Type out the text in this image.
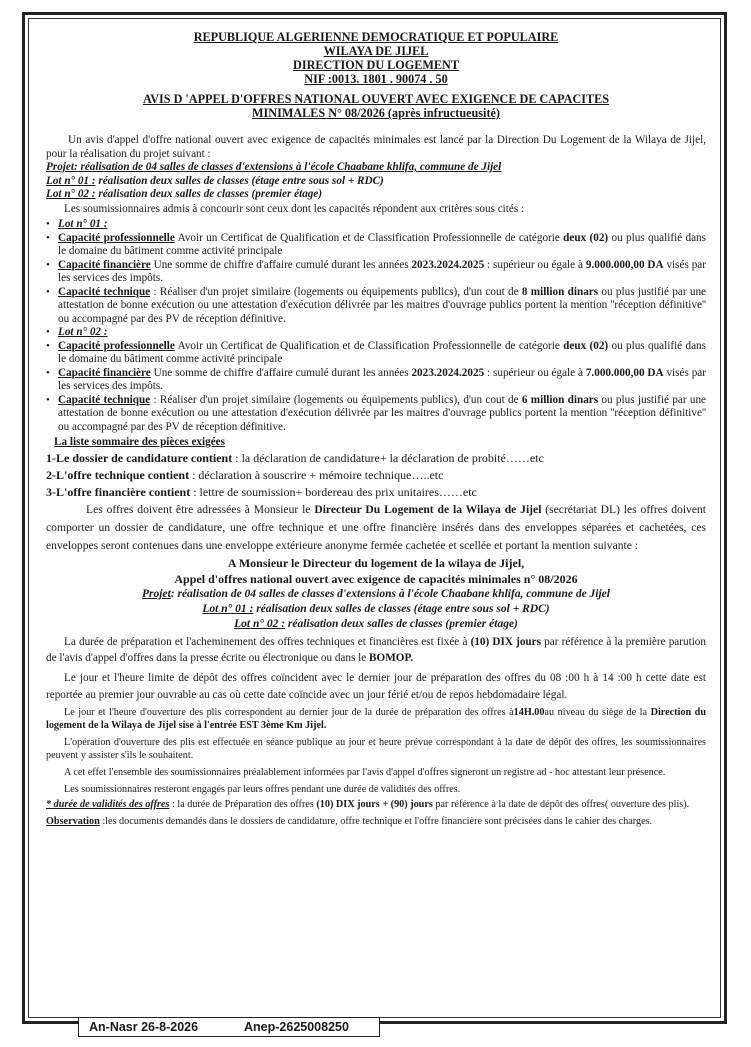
REPUBLIQUE ALGERIENNE DEMOCRATIQUE ET POPULAIRE

WILAYA DE JIJEL

DIRECTION DU LOGEMENT

NIF :0013. 1801 . 90074 . 50

AVIS D 'APPEL D'OFFRES NATIONAL OUVERT AVEC EXIGENCE DE CAPACITES

MINIMALES N° 08/2026 (après infructueusité)

Un avis d'appel d'offre national ouvert avec exigence de capacités minimales est lancé par la Direction Du Logement de la Wilaya de Jijel, pour la réalisation du projet suivant :

Projet: réalisation de 04 salles de classes d'extensions à l'école Chaabane khlifa, commune de Jijel

Lot n° 01 : réalisation deux salles de classes (étage entre sous sol + RDC)

Lot n° 02 : réalisation deux salles de classes (premier étage)

Les soumissionnaires admis à concourir sont ceux dont les capacités répondent aux critères sous cités :

• Lot n° 01 :

• Capacité professionnelle Avoir un Certificat de Qualification et de Classification Professionnelle de catégorie deux (02) ou plus qualifié dans le domaine du bâtiment comme activité principale

• Capacité financière Une somme de chiffre d'affaire cumulé durant les années 2023.2024.2025 : supérieur ou égale à 9.000.000,00 DA visés par les services des impôts.

• Capacité technique : Réaliser d'un projet similaire (logements ou équipements publics), d'un cout de 8 million dinars ou plus justifié par une attestation de bonne exécution ou une attestation d'exécution délivrée par les maitres d'ouvrage publics portent la mention ''réception définitive'' ou accompagné par des PV de réception définitive.

• Lot n° 02 :

• Capacité professionnelle Avoir un Certificat de Qualification et de Classification Professionnelle de catégorie deux (02) ou plus qualifié dans le domaine du bâtiment comme activité principale

• Capacité financière Une somme de chiffre d'affaire cumulé durant les années 2023.2024.2025 : supérieur ou égale à 7.000.000,00 DA visés par les services des impôts.

• Capacité technique : Réaliser d'un projet similaire (logements ou équipements publics), d'un cout de 6 million dinars ou plus justifié par une attestation de bonne exécution ou une attestation d'exécution délivrée par les maitres d'ouvrage publics portent la mention ''réception définitive'' ou accompagné par des PV de réception définitive.

La liste sommaire des pièces exigées

1-Le dossier de candidature contient : la déclaration de candidature+ la déclaration de probité……etc

2-L'offre technique contient : déclaration à souscrire + mémoire technique…..etc

3-L'offre financière contient : lettre de soumission+ bordereau des prix unitaires……etc

Les offres doivent être adressées à Monsieur le Directeur Du Logement de la Wilaya de Jijel (secrétariat DL) les offres doivent comporter un dossier de candidature, une offre technique et une offre financière insérés dans des enveloppes séparées et cachetées, ces enveloppes seront contenues dans une enveloppe extérieure anonyme fermée cachetée et scellée et portant la mention suivante :

A Monsieur le Directeur du logement de la wilaya de Jijel,

Appel d'offres national ouvert avec exigence de capacités minimales n° 08/2026

Projet: réalisation de 04 salles de classes d'extensions à l'école Chaabane khlifa, commune de Jijel

Lot n° 01 : réalisation deux salles de classes (étage entre sous sol + RDC)

Lot n° 02 : réalisation deux salles de classes (premier étage)

La durée de préparation et l'acheminement des offres techniques et financières est fixée à (10) DIX jours par référence à la première parution de l'avis d'appel d'offres dans la presse écrite ou électronique ou dans le BOMOP.

Le jour et l'heure limite de dépôt des offres coïncident avec le dernier jour de préparation des offres du 08 :00 h à 14 :00 h cette date est reportée au premier jour ouvrable au cas où cette date coïncide avec un jour férié et/ou de repos hebdomadaire légal.

Le jour et l'heure d'ouverture des plis correspondent au dernier jour de la durée de préparation des offres à14H.00au niveau du siège de la Direction du logement de la Wilaya de Jijel sise à l'entrée EST 3ème Km Jijel.

L'opération d'ouverture des plis est effectuée en séance publique au jour et heure prévue correspondant à la date de dépôt des offres, les soumissionnaires peuvent y assister s'ils le souhaitent.

A cet effet l'ensemble des soumissionnaires préalablement informées par l'avis d'appel d'offres signeront un registre ad - hoc attestant leur présence.

Les soumissionnaires resteront engagés par leurs offres pendant une durée de validités des offres.

* durée de validités des offres : la durée de Préparation des offres (10) DIX jours + (90) jours par référence à la date de dépôt des offres( ouverture des plis).

Observation :les documents demandés dans le dossiers de candidature, offre technique et l'offre financière sont précisées dans le cahier des charges.

An-Nasr 26-8-2026	Anep-2625008250
